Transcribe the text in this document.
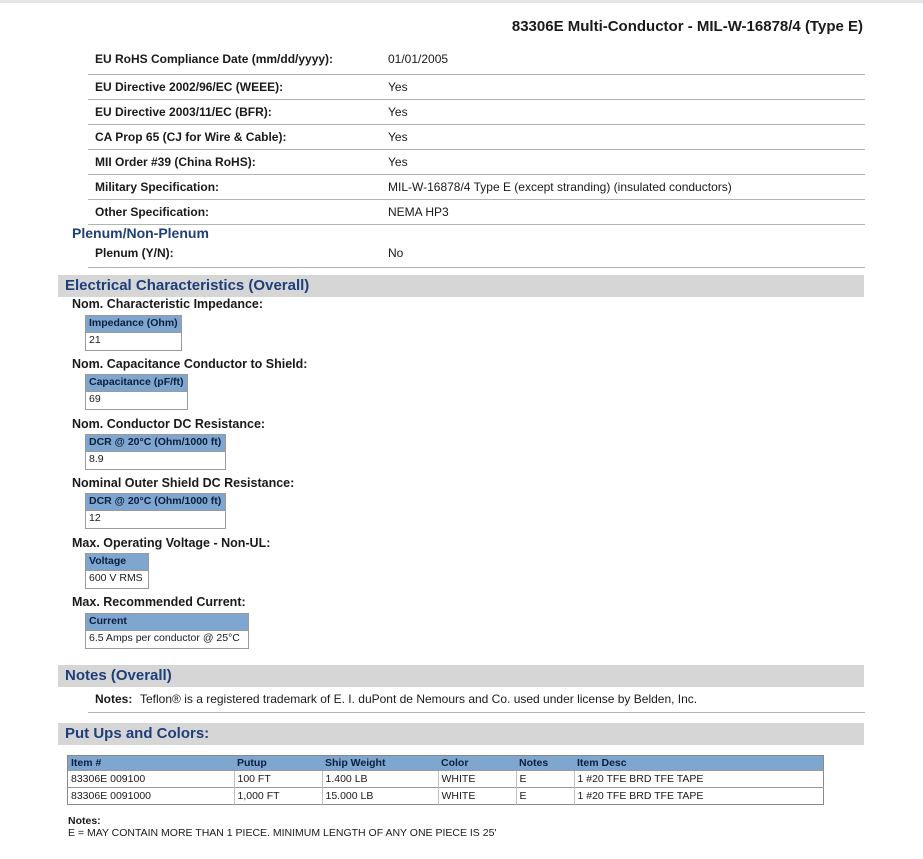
83306E Multi-Conductor - MIL-W-16878/4 (Type E)
EU RoHS Compliance Date (mm/dd/yyyy):	01/01/2005
EU Directive 2002/96/EC (WEEE):	Yes
EU Directive 2003/11/EC (BFR):	Yes
CA Prop 65 (CJ for Wire & Cable):	Yes
MII Order #39 (China RoHS):	Yes
Military Specification:	MIL-W-16878/4 Type E (except stranding) (insulated conductors)
Other Specification:	NEMA HP3
Plenum/Non-Plenum
Plenum (Y/N):	No
Electrical Characteristics (Overall)
Nom. Characteristic Impedance:
Impedance (Ohm)
21
Nom. Capacitance Conductor to Shield:
Capacitance (pF/ft)
69
Nom. Conductor DC Resistance:
DCR @ 20°C (Ohm/1000 ft)
8.9
Nominal Outer Shield DC Resistance:
DCR @ 20°C (Ohm/1000 ft)
12
Max. Operating Voltage - Non-UL:
Voltage
600 V RMS
Max. Recommended Current:
Current
6.5 Amps per conductor @ 25°C
Notes (Overall)
Notes: Teflon® is a registered trademark of E. I. duPont de Nemours and Co. used under license by Belden, Inc.
Put Ups and Colors:
Item #	Putup	Ship Weight	Color	Notes	Item Desc
83306E 009100	100 FT	1.400 LB	WHITE	E	1 #20 TFE BRD TFE TAPE
83306E 0091000	1,000 FT	15.000 LB	WHITE	E	1 #20 TFE BRD TFE TAPE
Notes:
E = MAY CONTAIN MORE THAN 1 PIECE. MINIMUM LENGTH OF ANY ONE PIECE IS 25'
